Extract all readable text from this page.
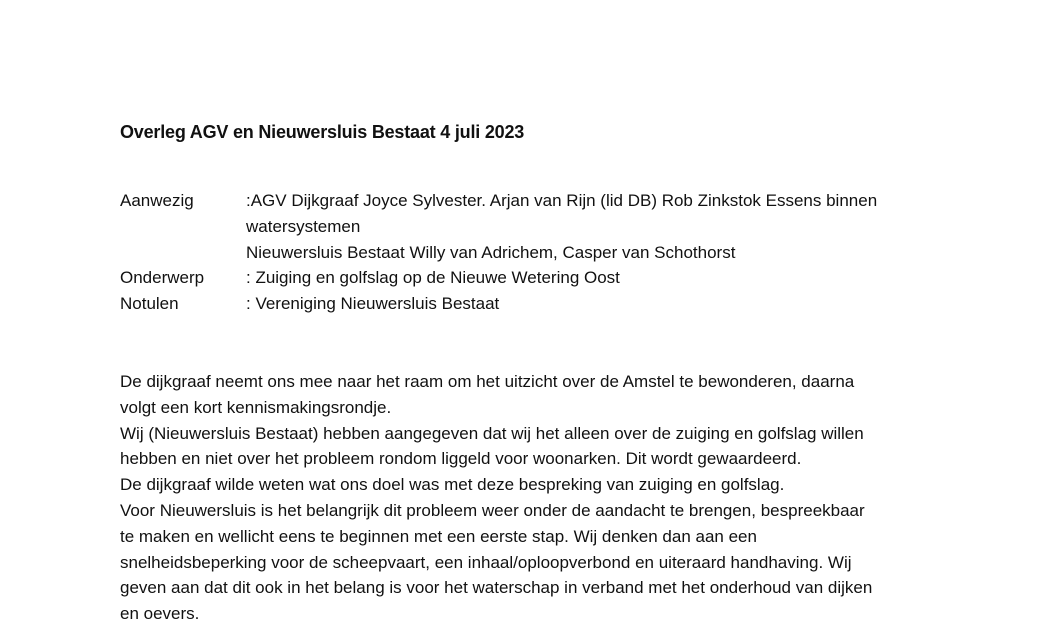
Overleg AGV en Nieuwersluis Bestaat 4 juli 2023
Aanwezig	:AGV Dijkgraaf Joyce Sylvester. Arjan van Rijn (lid DB) Rob Zinkstok Essens binnen
watersystemen
Nieuwersluis Bestaat Willy van Adrichem, Casper van Schothorst
Onderwerp	: Zuiging en golfslag op de Nieuwe Wetering Oost
Notulen	: Vereniging Nieuwersluis Bestaat
De dijkgraaf neemt ons mee naar het raam om het uitzicht over de Amstel te bewonderen, daarna
volgt een kort kennismakingsrondje.
Wij (Nieuwersluis Bestaat) hebben aangegeven dat wij het alleen over de zuiging en golfslag willen
hebben en niet over het probleem rondom liggeld voor woonarken. Dit wordt gewaardeerd.
De dijkgraaf wilde weten wat ons doel was met deze bespreking van zuiging en golfslag.
Voor Nieuwersluis is het belangrijk dit probleem weer onder de aandacht te brengen, bespreekbaar
te maken en wellicht eens te beginnen met een eerste stap. Wij denken dan aan een
snelheidsbeperking voor de scheepvaart, een inhaal/oploopverbond en uiteraard handhaving. Wij
geven aan dat dit ook in het belang is voor het waterschap in verband met het onderhoud van dijken
en oevers.
